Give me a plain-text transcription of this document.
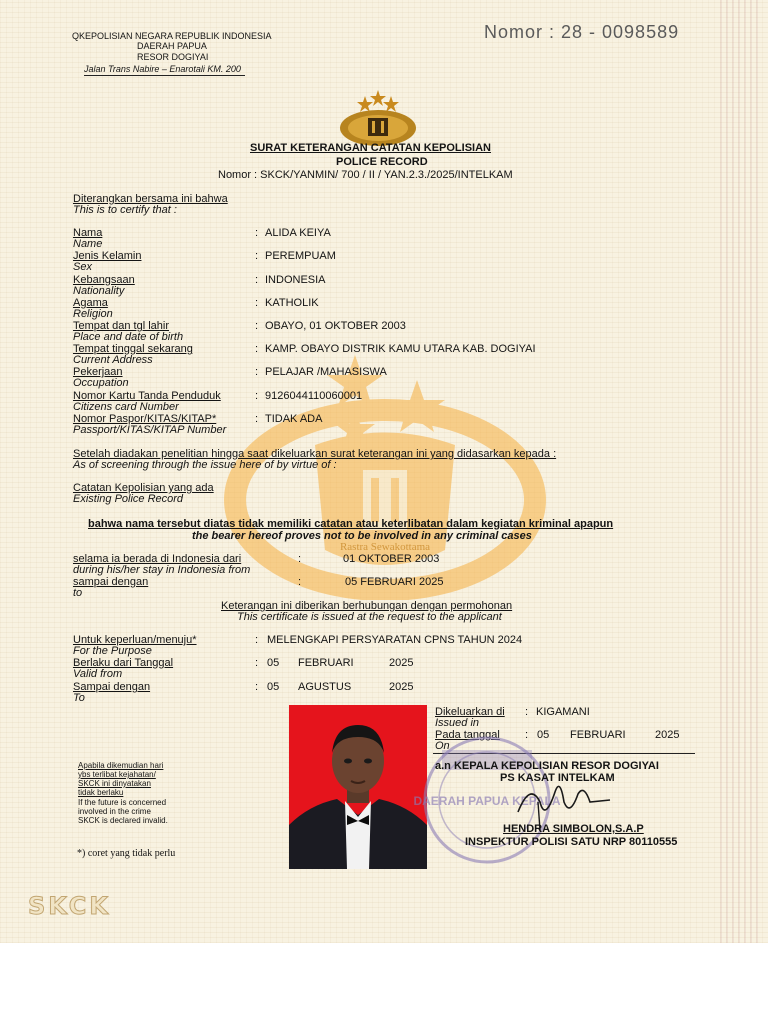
Rastra Sewakottama
QKEPOLISIAN NEGARA REPUBLIK INDONESIA
DAERAH PAPUA
RESOR DOGIYAI
Jalan Trans Nabire – Enarotali KM. 200
Nomor : 28 - 0098589
SURAT KETERANGAN CATATAN KEPOLISIAN
POLICE RECORD
Nomor : SKCK/YANMIN/ 700 / II / YAN.2.3./2025/INTELKAM
Diterangkan bersama ini bahwa
This is to certify that :
Nama
Name
: ALIDA KEIYA
Jenis Kelamin
Sex
: PEREMPUAM
Kebangsaan
Nationality
: INDONESIA
Agama
Religion
: KATHOLIK
Tempat dan tgl lahir
Place and date of birth
: OBAYO, 01 OKTOBER 2003
Tempat tinggal sekarang
Current Address
: KAMP. OBAYO DISTRIK KAMU UTARA KAB. DOGIYAI
Pekerjaan
Occupation
: PELAJAR /MAHASISWA
Nomor Kartu Tanda Penduduk
Citizens card Number
: 9126044110060001
Nomor Paspor/KITAS/KITAP*
Passport/KITAS/KITAP Number
: TIDAK ADA
Setelah diadakan penelitian hingga saat dikeluarkan surat keterangan ini yang didasarkan kepada :
As of screening through the issue here of by virtue of :
Catatan Kepolisian yang ada
Existing Police Record
bahwa nama tersebut diatas tidak memiliki catatan atau keterlibatan dalam kegiatan kriminal apapun
the bearer hereof proves not to be involved in any criminal cases
selama ia berada di Indonesia dari
during his/her stay in Indonesia from
:	01 OKTOBER 2003
sampai dengan
to
:	05 FEBRUARI 2025
Keterangan ini diberikan berhubungan dengan permohonan
This certificate is issued at the request to the applicant
Untuk keperluan/menuju*
For the Purpose
: MELENGKAPI PERSYARATAN CPNS TAHUN 2024
Berlaku dari Tanggal
Valid from
: 05 FEBRUARI	2025
Sampai dengan
To
: 05 AGUSTUS	2025
Dikeluarkan di
Issued in
: KIGAMANI
Pada tanggal
On
: 05 FEBRUARI	2025
DAERAH PAPUA KEPALA
a.n KEPALA KEPOLISIAN RESOR DOGIYAI
PS KASAT INTELKAM
HENDRA SIMBOLON,S.A.P
INSPEKTUR POLISI SATU NRP 80110555
Apabila dikemudian hari
ybs terlibat kejahatan/
SKCK ini dinyatakan
tidak berlaku
If the future is concerned
involved in the crime
SKCK is declared invalid.
*) coret yang tidak perlu
SKCK
